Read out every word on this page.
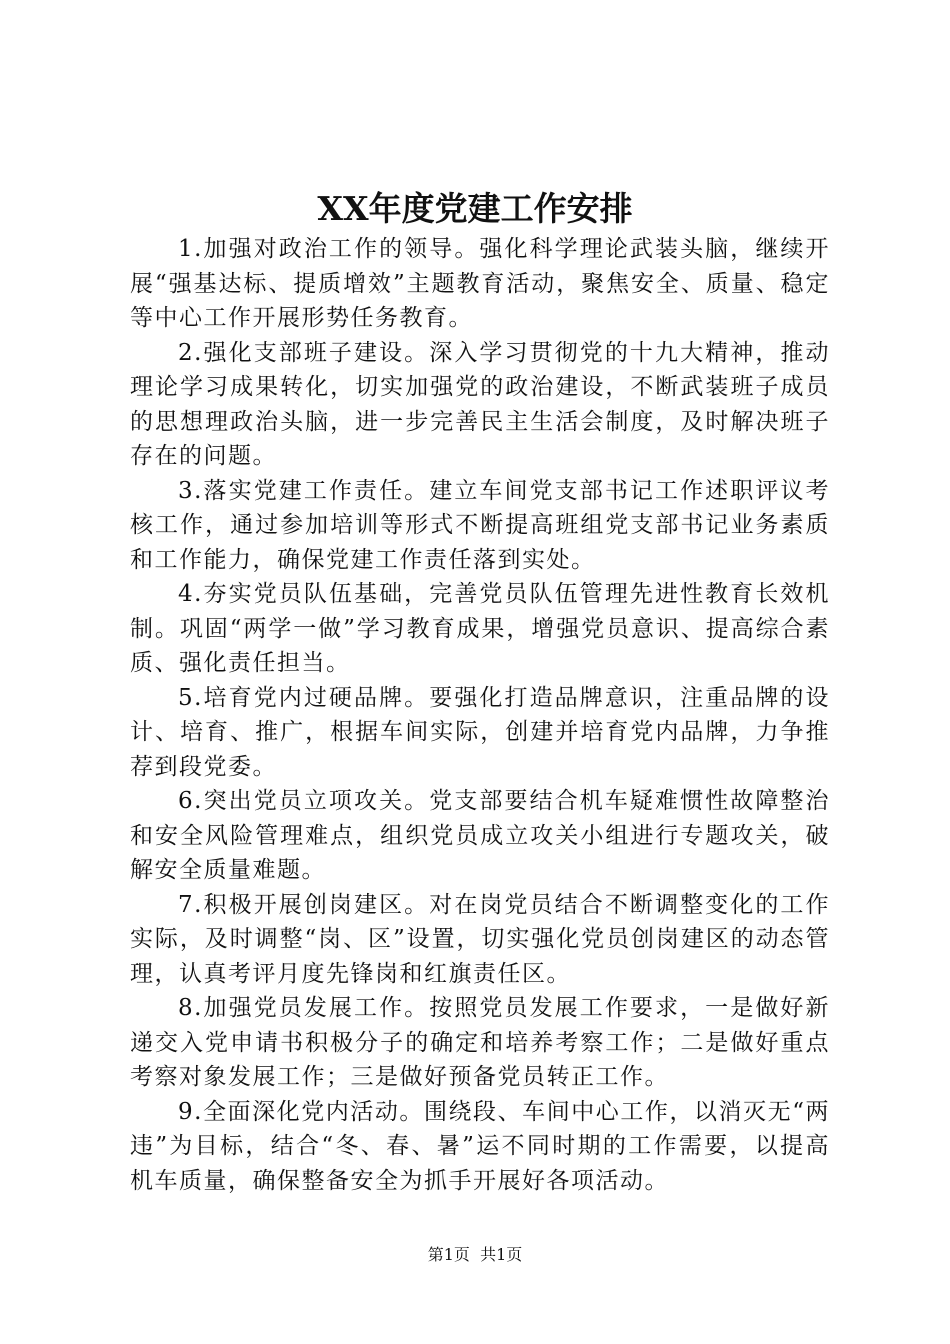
XX年度党建工作安排

1.加强对政治工作的领导。强化科学理论武装头脑，继续开展“强基达标、提质增效”主题教育活动，聚焦安全、质量、稳定等中心工作开展形势任务教育。

2.强化支部班子建设。深入学习贯彻党的十九大精神，推动理论学习成果转化，切实加强党的政治建设，不断武装班子成员的思想理政治头脑，进一步完善民主生活会制度，及时解决班子存在的问题。

3.落实党建工作责任。建立车间党支部书记工作述职评议考核工作，通过参加培训等形式不断提高班组党支部书记业务素质和工作能力，确保党建工作责任落到实处。

4.夯实党员队伍基础，完善党员队伍管理先进性教育长效机制。巩固“两学一做”学习教育成果，增强党员意识、提高综合素质、强化责任担当。

5.培育党内过硬品牌。要强化打造品牌意识，注重品牌的设计、培育、推广，根据车间实际，创建并培育党内品牌，力争推荐到段党委。

6.突出党员立项攻关。党支部要结合机车疑难惯性故障整治和安全风险管理难点，组织党员成立攻关小组进行专题攻关，破解安全质量难题。

7.积极开展创岗建区。对在岗党员结合不断调整变化的工作实际，及时调整“岗、区”设置，切实强化党员创岗建区的动态管理，认真考评月度先锋岗和红旗责任区。

8.加强党员发展工作。按照党员发展工作要求，一是做好新递交入党申请书积极分子的确定和培养考察工作；二是做好重点考察对象发展工作；三是做好预备党员转正工作。

9.全面深化党内活动。围绕段、车间中心工作，以消灭无“两违”为目标，结合“冬、春、暑”运不同时期的工作需要，以提高机车质量，确保整备安全为抓手开展好各项活动。

第1页 共1页
